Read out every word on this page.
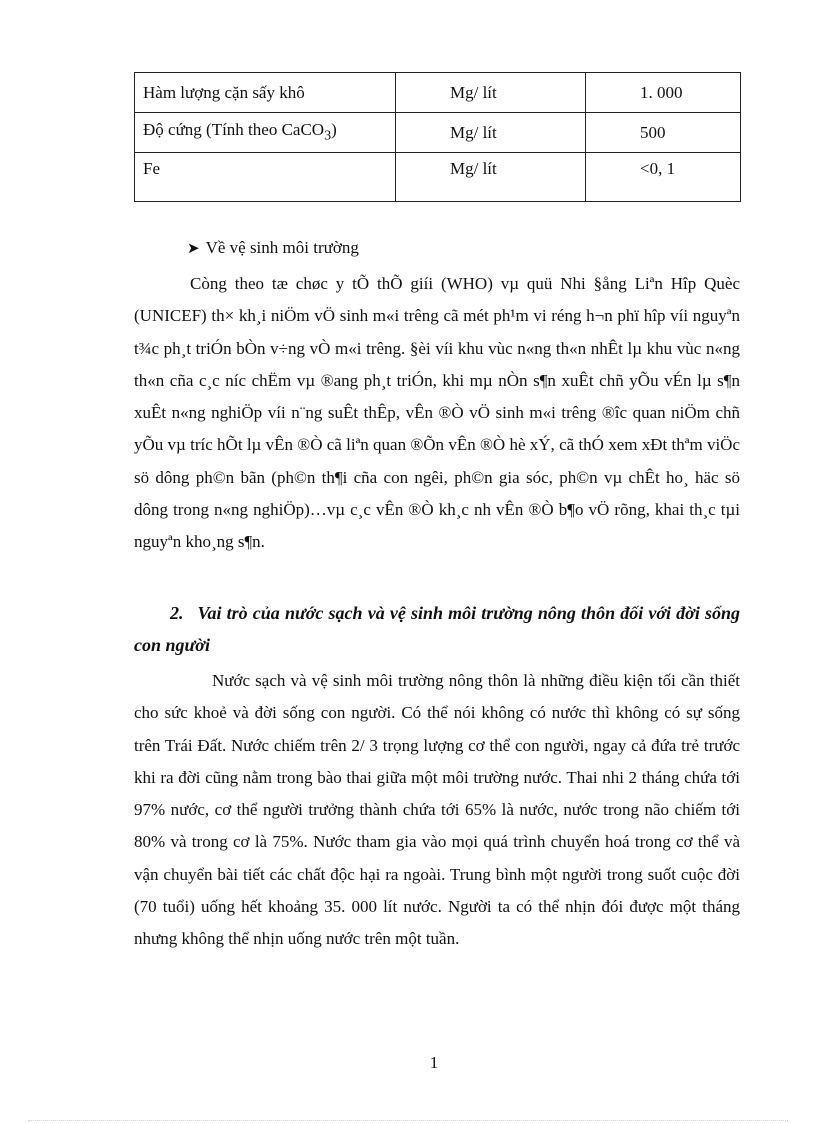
Hàm lượng cặn sấy khô	Mg/ lít	1. 000
Độ cứng (Tính theo CaCO$_3$)	Mg/ lít	500
Fe	Mg/ lít	<0, 1
➤ Về vệ sinh môi trường
Còng theo tæ chøc y tÕ thÕ giíi (WHO) vµ quü Nhi §ång Liªn Hîp Quèc (UNICEF) th× kh¸i niÖm vÖ sinh m«i trêng cã mét ph¹m vi réng h¬n phï hîp víi nguyªn t¾c ph¸t triÓn bÒn v÷ng vÒ m«i trêng. §èi víi khu vùc n«ng th«n nhÊt lµ khu vùc n«ng th«n cña c¸c níc chËm vµ ®ang ph¸t triÓn, khi mµ nÒn s¶n xuÊt chñ yÕu vÉn lµ s¶n xuÊt n«ng nghiÖp víi n¨ng suÊt thÊp, vÊn ®Ò vÖ sinh m«i trêng ®îc quan niÖm chñ yÕu vµ tríc hÕt lµ vÊn ®Ò cã liªn quan ®Õn vÊn ®Ò hè xÝ, cã thÓ xem xÐt thªm viÖc sö dông ph©n bãn (ph©n th¶i cña con ngêi, ph©n gia sóc, ph©n vµ chÊt ho¸ häc sö dông trong n«ng nghiÖp)…vµ c¸c vÊn ®Ò kh¸c nh vÊn ®Ò b¶o vÖ rõng, khai th¸c tµi nguyªn kho¸ng s¶n.
2. Vai trò của nước sạch và vệ sinh môi trường nông thôn đối với đời sống con người
Nước sạch và vệ sinh môi trường nông thôn là những điều kiện tối cần thiết cho sức khoẻ và đời sống con người. Có thể nói không có nước thì không có sự sống trên Trái Đất. Nước chiếm trên 2/ 3 trọng lượng cơ thể con người, ngay cả đứa trẻ trước khi ra đời cũng nằm trong bào thai giữa một môi trường nước. Thai nhi 2 tháng chứa tới 97% nước, cơ thể người trưởng thành chứa tới 65% là nước, nước trong não chiếm tới 80% và trong cơ là 75%. Nước tham gia vào mọi quá trình chuyển hoá trong cơ thể và vận chuyển bài tiết các chất độc hại ra ngoài. Trung bình một người trong suốt cuộc đời (70 tuổi) uống hết khoảng 35. 000 lít nước. Người ta có thể nhịn đói được một tháng nhưng không thể nhịn uống nước trên một tuần.
1
